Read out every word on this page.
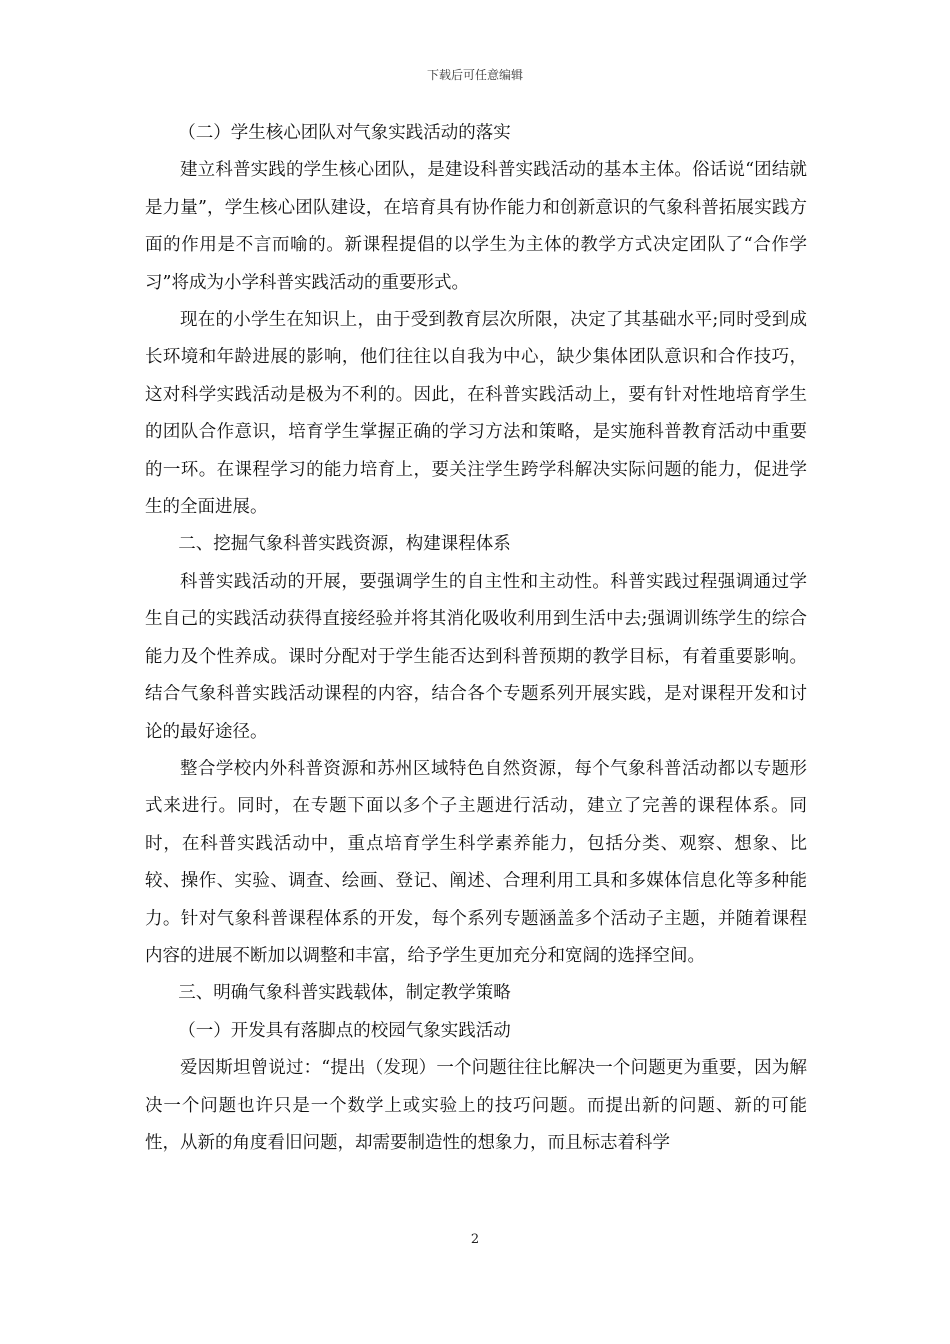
下载后可任意编辑

（二）学生核心团队对气象实践活动的落实

建立科普实践的学生核心团队，是建设科普实践活动的基本主体。俗话说“团结就是力量”，学生核心团队建设，在培育具有协作能力和创新意识的气象科普拓展实践方面的作用是不言而喻的。新课程提倡的以学生为主体的教学方式决定团队了“合作学习”将成为小学科普实践活动的重要形式。

现在的小学生在知识上，由于受到教育层次所限，决定了其基础水平;同时受到成长环境和年龄进展的影响，他们往往以自我为中心，缺少集体团队意识和合作技巧，这对科学实践活动是极为不利的。因此，在科普实践活动上，要有针对性地培育学生的团队合作意识，培育学生掌握正确的学习方法和策略，是实施科普教育活动中重要的一环。在课程学习的能力培育上，要关注学生跨学科解决实际问题的能力，促进学生的全面进展。

二、挖掘气象科普实践资源，构建课程体系

科普实践活动的开展，要强调学生的自主性和主动性。科普实践过程强调通过学生自己的实践活动获得直接经验并将其消化吸收利用到生活中去;强调训练学生的综合能力及个性养成。课时分配对于学生能否达到科普预期的教学目标，有着重要影响。结合气象科普实践活动课程的内容，结合各个专题系列开展实践，是对课程开发和讨论的最好途径。

整合学校内外科普资源和苏州区域特色自然资源，每个气象科普活动都以专题形式来进行。同时，在专题下面以多个子主题进行活动，建立了完善的课程体系。同时，在科普实践活动中，重点培育学生科学素养能力，包括分类、观察、想象、比较、操作、实验、调查、绘画、登记、阐述、合理利用工具和多媒体信息化等多种能力。针对气象科普课程体系的开发，每个系列专题涵盖多个活动子主题，并随着课程内容的进展不断加以调整和丰富，给予学生更加充分和宽阔的选择空间。

三、明确气象科普实践载体，制定教学策略

（一）开发具有落脚点的校园气象实践活动

爱因斯坦曾说过：“提出（发现）一个问题往往比解决一个问题更为重要，因为解决一个问题也许只是一个数学上或实验上的技巧问题。而提出新的问题、新的可能性，从新的角度看旧问题，却需要制造性的想象力，而且标志着科学

2
